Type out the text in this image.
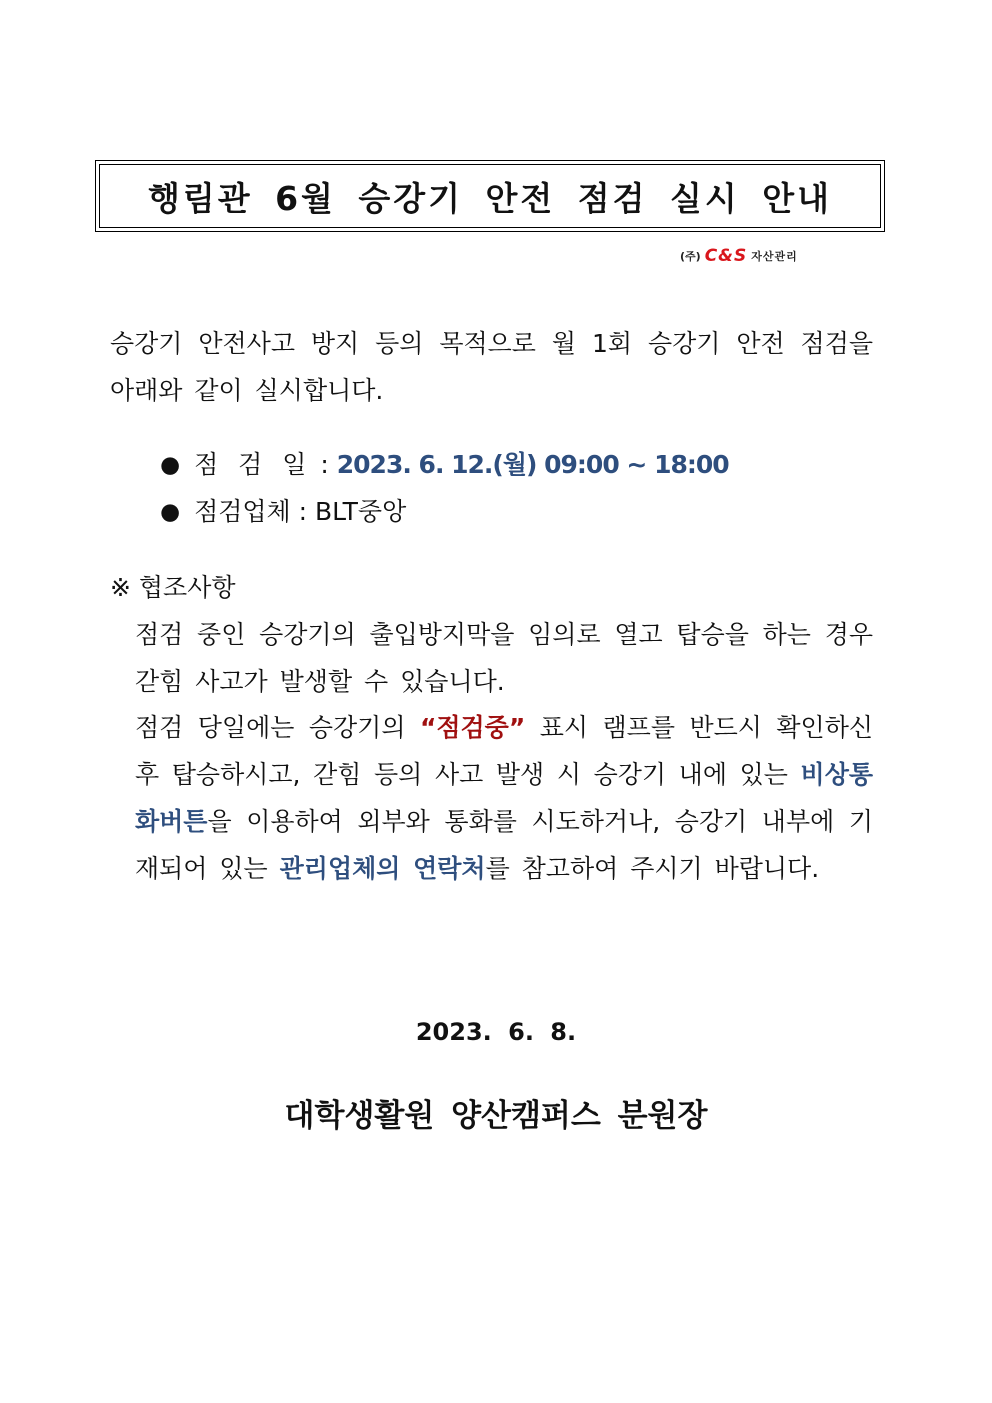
행림관 6월 승강기 안전 점검 실시 안내
(주) C&S 자산관리
승강기 안전사고 방지 등의 목적으로 월 1회 승강기 안전 점검을 아래와 같이 실시합니다.
● 점 검 일 : 2023. 6. 12.(월) 09:00 ~ 18:00
● 점검업체 : BLT중앙
※ 협조사항
점검 중인 승강기의 출입방지막을 임의로 열고 탑승을 하는 경우 갇힘 사고가 발생할 수 있습니다.
점검 당일에는 승강기의 “점검중” 표시 램프를 반드시 확인하신 후 탑승하시고, 갇힘 등의 사고 발생 시 승강기 내에 있는 비상통화버튼을 이용하여 외부와 통화를 시도하거나, 승강기 내부에 기재되어 있는 관리업체의 연락처를 참고하여 주시기 바랍니다.
2023. 6. 8.
대학생활원 양산캠퍼스 분원장
